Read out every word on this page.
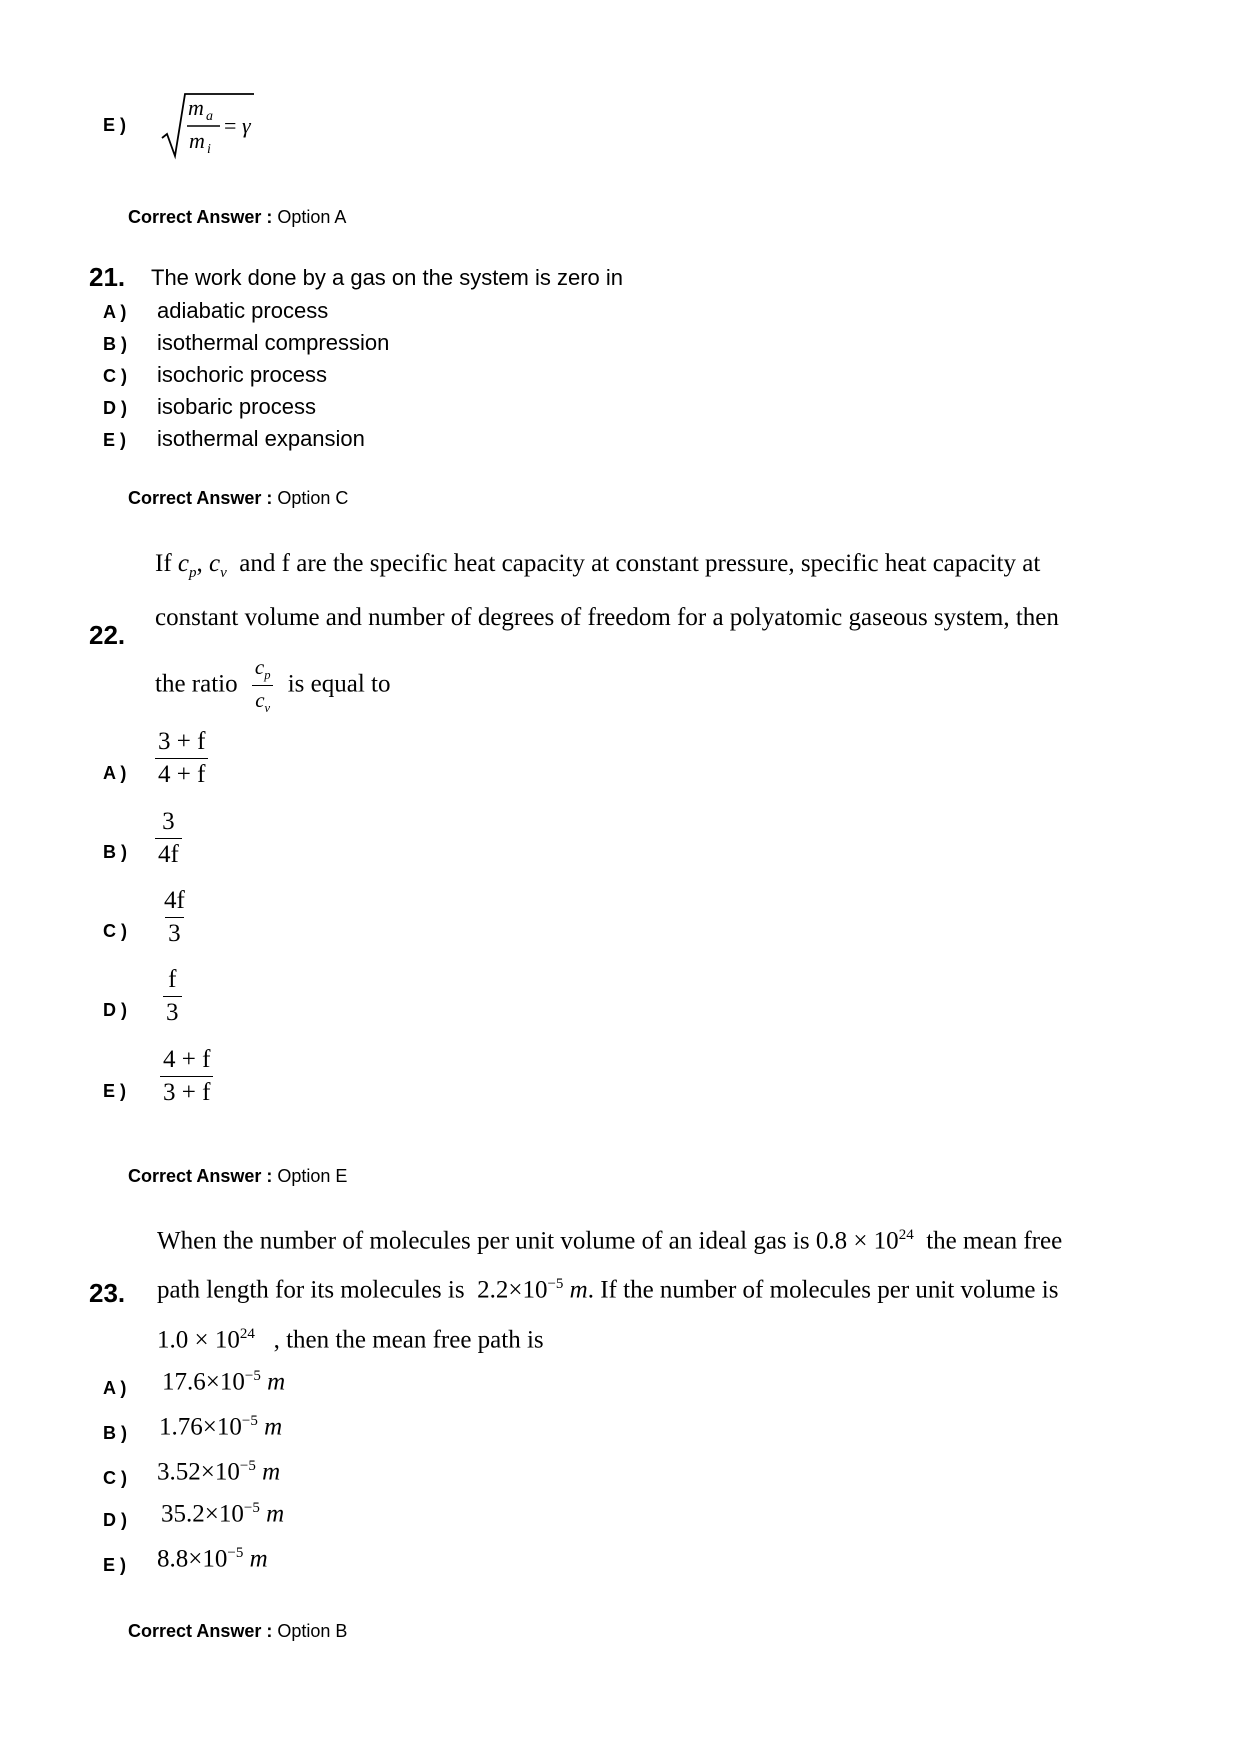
E )
m a
m i
= γ
Correct Answer : Option A
21. The work done by a gas on the system is zero in
A ) adiabatic process
B ) isothermal compression
C ) isochoric process
D ) isobaric process
E ) isothermal expansion
Correct Answer : Option C
22.
If $c_p$, $c_v$ and f are the specific heat capacity at constant pressure, specific heat capacity at
constant volume and number of degrees of freedom for a polyatomic gaseous system, then
the ratio $\frac{c_p}{c_v}$ is equal to
A ) $\frac{3 + f}{4 + f}$
B ) $\frac{3}{4f}$
C ) $\frac{4f}{3}$
D ) $\frac{f}{3}$
E ) $\frac{4 + f}{3 + f}$
Correct Answer : Option E
23.
When the number of molecules per unit volume of an ideal gas is $0.8 \times 10^{24}$ the mean free
path length for its molecules is $2.2\times 10^{-5}$ m. If the number of molecules per unit volume is
$1.0 \times 10^{24}$ , then the mean free path is
A ) $17.6\times 10^{-5}$ m
B ) $1.76\times 10^{-5}$ m
C ) $3.52\times 10^{-5}$ m
D ) $35.2\times 10^{-5}$ m
E ) $8.8\times 10^{-5}$ m
Correct Answer : Option B
